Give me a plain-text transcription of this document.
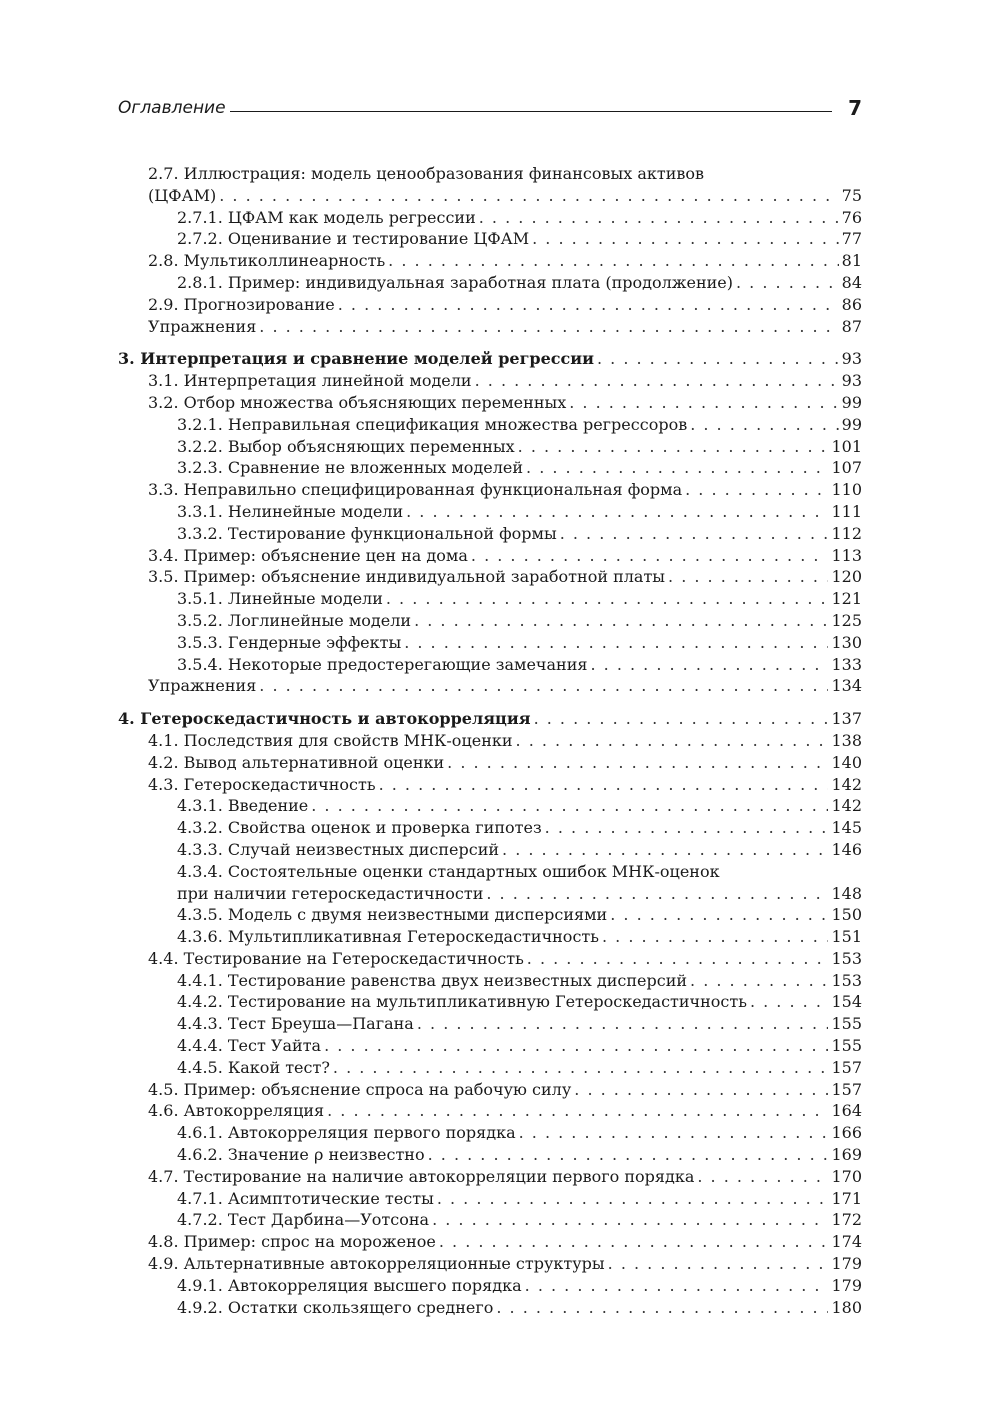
Оглавление	7
2.7. Иллюстрация: модель ценообразования финансовых активов
(ЦФАМ) . . .	75
2.7.1. ЦФАМ как модель регрессии . . .	76
2.7.2. Оценивание и тестирование ЦФАМ . . .	77
2.8. Мультиколлинеарность . . .	81
2.8.1. Пример: индивидуальная заработная плата (продолжение) . . .	84
2.9. Прогнозирование . . .	86
Упражнения . . .	87
3. Интерпретация и сравнение моделей регрессии . . .	93
3.1. Интерпретация линейной модели . . .	93
3.2. Отбор множества объясняющих переменных . . .	99
3.2.1. Неправильная спецификация множества регрессоров . . .	99
3.2.2. Выбор объясняющих переменных . . .	101
3.2.3. Сравнение не вложенных моделей . . .	107
3.3. Неправильно специфицированная функциональная форма . . .	110
3.3.1. Нелинейные модели . . .	111
3.3.2. Тестирование функциональной формы . . .	112
3.4. Пример: объяснение цен на дома . . .	113
3.5. Пример: объяснение индивидуальной заработной платы . . .	120
3.5.1. Линейные модели . . .	121
3.5.2. Логлинейные модели . . .	125
3.5.3. Гендерные эффекты . . .	130
3.5.4. Некоторые предостерегающие замечания . . .	133
Упражнения . . .	134
4. Гетероскедастичность и автокорреляция . . .	137
4.1. Последствия для свойств МНК-оценки . . .	138
4.2. Вывод альтернативной оценки . . .	140
4.3. Гетероскедастичность . . .	142
4.3.1. Введение . . .	142
4.3.2. Свойства оценок и проверка гипотез . . .	145
4.3.3. Случай неизвестных дисперсий . . .	146
4.3.4. Состоятельные оценки стандартных ошибок МНК-оценок
при наличии гетероскедастичности . . .	148
4.3.5. Модель с двумя неизвестными дисперсиями . . .	150
4.3.6. Мультипликативная Гетероскедастичность . . .	151
4.4. Тестирование на Гетероскедастичность . . .	153
4.4.1. Тестирование равенства двух неизвестных дисперсий . . .	153
4.4.2. Тестирование на мультипликативную Гетероскедастичность . . .	154
4.4.3. Тест Бреуша—Пагана . . .	155
4.4.4. Тест Уайта . . .	155
4.4.5. Какой тест? . . .	157
4.5. Пример: объяснение спроса на рабочую силу . . .	157
4.6. Автокорреляция . . .	164
4.6.1. Автокорреляция первого порядка . . .	166
4.6.2. Значение ρ неизвестно . . .	169
4.7. Тестирование на наличие автокорреляции первого порядка . . .	170
4.7.1. Асимптотические тесты . . .	171
4.7.2. Тест Дарбина—Уотсона . . .	172
4.8. Пример: спрос на мороженое . . .	174
4.9. Альтернативные автокорреляционные структуры . . .	179
4.9.1. Автокорреляция высшего порядка . . .	179
4.9.2. Остатки скользящего среднего . . .	180
